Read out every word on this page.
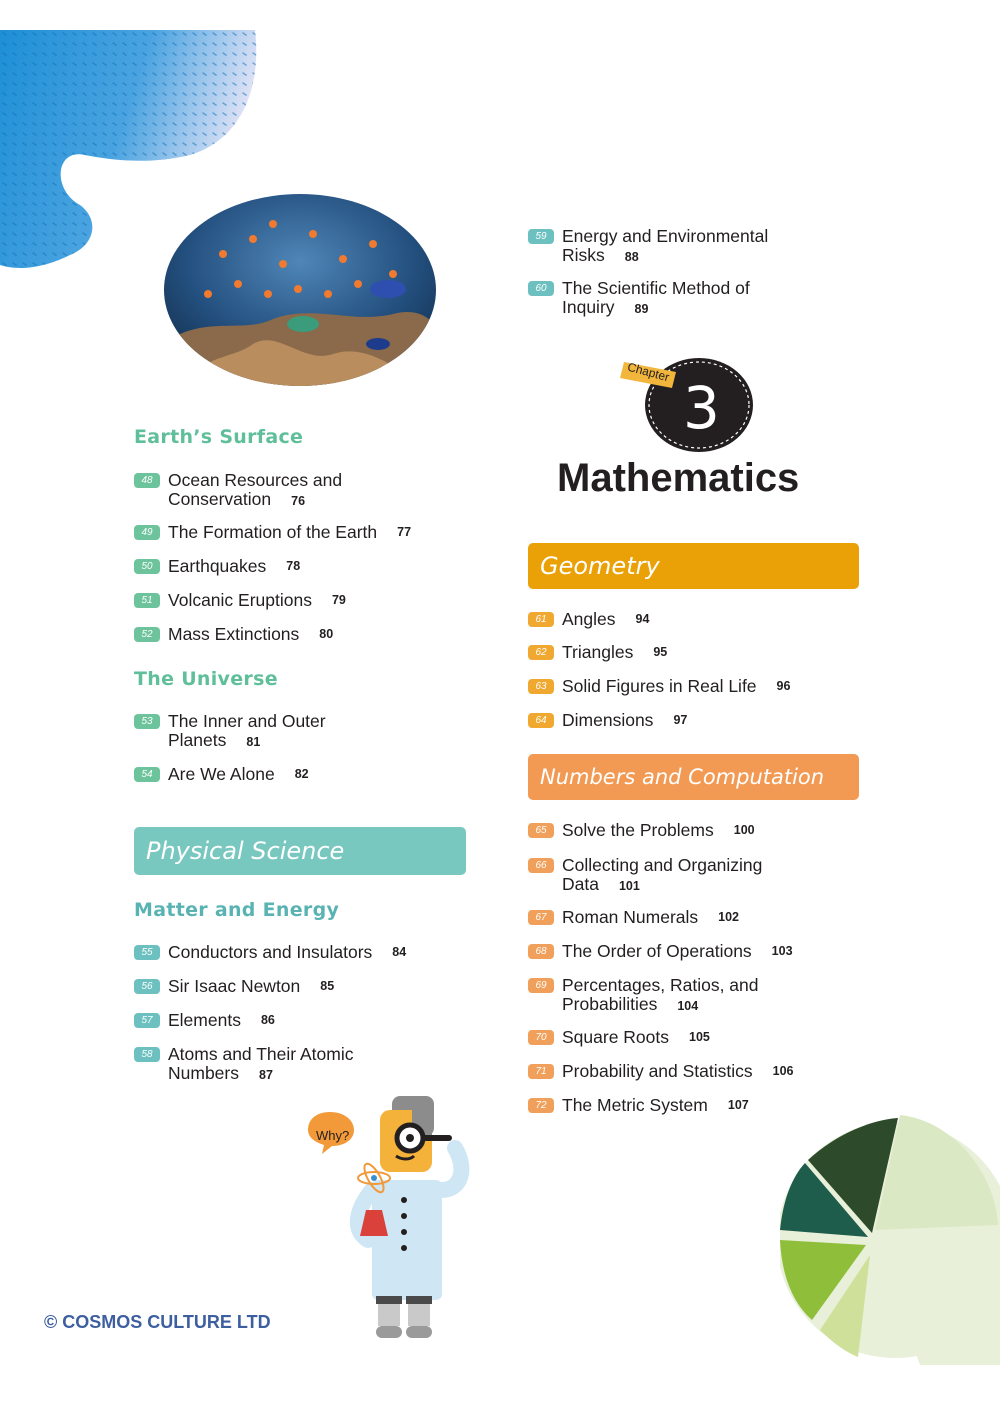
Earth’s Surface
48 Ocean Resources and
Conservation 76
49 The Formation of the Earth 77
50 Earthquakes 78
51 Volcanic Eruptions 79
52 Mass Extinctions 80
The Universe
53 The Inner and Outer
Planets 81
54 Are We Alone 82
Physical Science
Matter and Energy
55 Conductors and Insulators 84
56 Sir Isaac Newton 85
57 Elements 86
58 Atoms and Their Atomic
Numbers 87
59 Energy and Environmental
Risks 88
60 The Scientific Method of
Inquiry 89
Chapter
3
Mathematics
Geometry
61 Angles 94
62 Triangles 95
63 Solid Figures in Real Life 96
64 Dimensions 97
Numbers and Computation
65 Solve the Problems 100
66 Collecting and Organizing
Data 101
67 Roman Numerals 102
68 The Order of Operations 103
69 Percentages, Ratios, and
Probabilities 104
70 Square Roots 105
71 Probability and Statistics 106
72 The Metric System 107
Why?
© COSMOS CULTURE LTD
